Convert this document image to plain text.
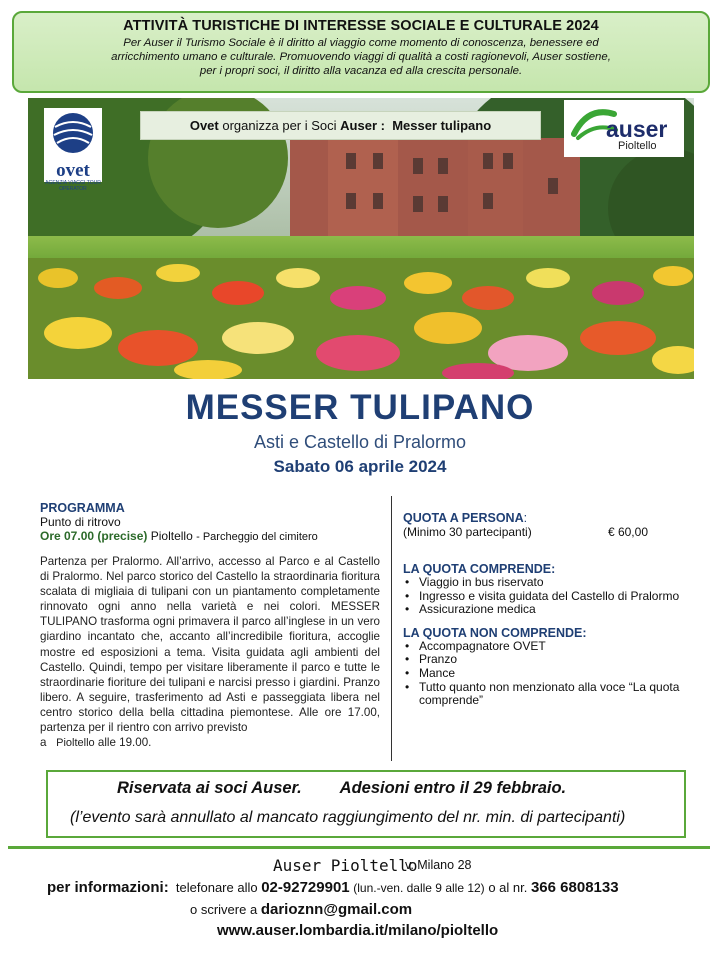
ATTIVITÀ TURISTICHE DI INTERESSE SOCIALE E CULTURALE 2024
Per Auser il Turismo Sociale è il diritto al viaggio come momento di conoscenza, benessere ed
arricchimento umano e culturale. Promuovendo viaggi di qualità a costi ragionevoli, Auser sostiene,
per i propri soci, il diritto alla vacanza ed alla crescita personale.
ovet
AGENZIA VIAGGI TOUR OPERATOR
Ovet organizza per i Soci Auser : Messer tulipano	auser
Pioltello
MESSER TULIPANO
Asti e Castello di Pralormo
Sabato 06 aprile 2024
PROGRAMMA
Punto di ritrovo
Ore 07.00 (precise) Pioltello - Parcheggio del cimitero
Partenza per Pralormo. All’arrivo, accesso al Parco e al Castello di Pralormo. Nel parco storico del Castello la straordinaria fioritura scalata di migliaia di tulipani con un piantamento completamente rinnovato ogni anno nella varietà e nei colori. MESSER TULIPANO trasforma ogni primavera il parco all’inglese in un vero giardino incantato che, accanto all’incredibile fioritura, accoglie mostre ed esposizioni a tema. Visita guidata agli ambienti del Castello. Quindi, tempo per visitare liberamente il parco e tutte le straordinarie fioriture dei tulipani e narcisi presso i giardini. Pranzo libero. A seguire, trasferimento ad Asti e passeggiata libera nel centro storico della bella cittadina piemontese. Alle ore 17.00, partenza per il rientro con arrivo previsto
a Pioltello alle 19.00.
QUOTA A PERSONA:
(Minimo 30 partecipanti)	€ 60,00
LA QUOTA COMPRENDE:
• Viaggio in bus riservato
• Ingresso e visita guidata del Castello di Pralormo
• Assicurazione medica
LA QUOTA NON COMPRENDE:
• Accompagnatore OVET
• Pranzo
• Mance
• Tutto quanto non menzionato alla voce “La quota comprende”
Riservata ai soci Auser. Adesioni entro il 29 febbraio.
(l’evento sarà annullato al mancato raggiungimento del nr. min. di partecipanti)
Auser Pioltello
v. Milano 28
per informazioni: telefonare allo 02-92729901 (lun.-ven. dalle 9 alle 12) o al nr. 366 6808133
o scrivere a darioznn@gmail.com
www.auser.lombardia.it/milano/pioltello
